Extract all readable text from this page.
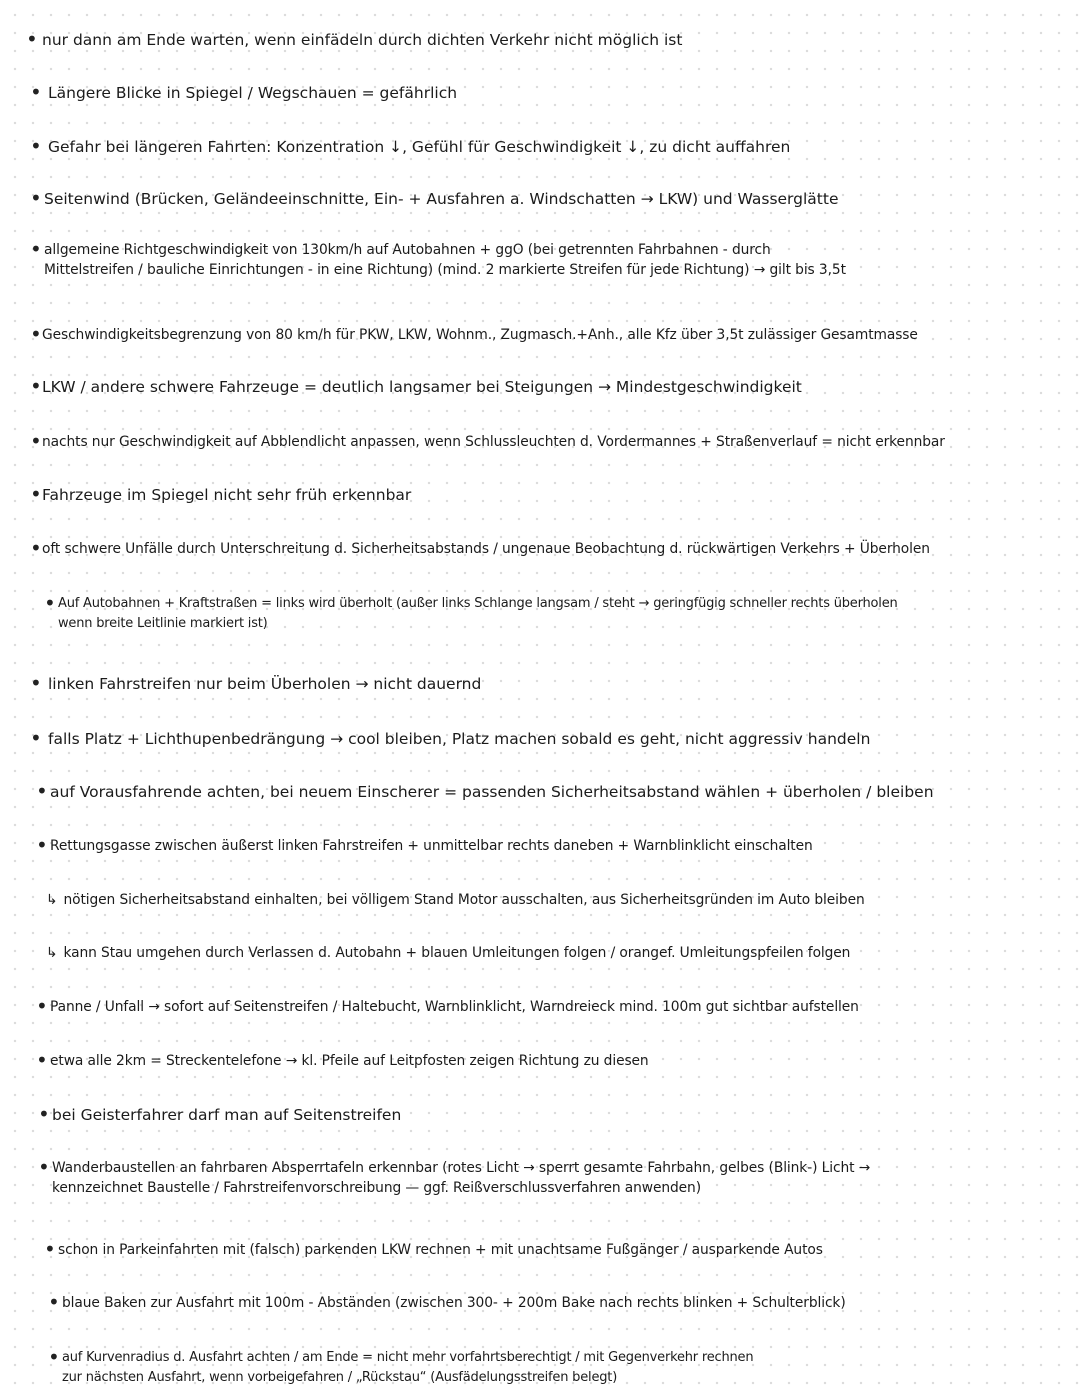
• nur dann am Ende warten, wenn einfädeln durch dichten Verkehr nicht möglich ist
• Längere Blicke in Spiegel / Wegschauen = gefährlich
• Gefahr bei längeren Fahrten: Konzentration ↓, Gefühl für Geschwindigkeit ↓, zu dicht auffahren
• Seitenwind (Brücken, Geländeeinschnitte, Ein- + Ausfahren a. Windschatten → LKW) und Wasserglätte
• allgemeine Richtgeschwindigkeit von 130km/h auf Autobahnen + ggO (bei getrennten Fahrbahnen - durch
Mittelstreifen / bauliche Einrichtungen - in eine Richtung) (mind. 2 markierte Streifen für jede Richtung) → gilt bis 3,5t
• Geschwindigkeitsbegrenzung von 80 km/h für PKW, LKW, Wohnm., Zugmasch.+Anh., alle Kfz über 3,5t zulässiger Gesamtmasse
• LKW / andere schwere Fahrzeuge = deutlich langsamer bei Steigungen → Mindestgeschwindigkeit
• nachts nur Geschwindigkeit auf Abblendlicht anpassen, wenn Schlussleuchten d. Vordermannes + Straßenverlauf = nicht erkennbar
• Fahrzeuge im Spiegel nicht sehr früh erkennbar
• oft schwere Unfälle durch Unterschreitung d. Sicherheitsabstands / ungenaue Beobachtung d. rückwärtigen Verkehrs + Überholen
• Auf Autobahnen + Kraftstraßen = links wird überholt (außer links Schlange langsam / steht → geringfügig schneller rechts überholen
wenn breite Leitlinie markiert ist)
• linken Fahrstreifen nur beim Überholen → nicht dauernd
• falls Platz + Lichthupenbedrängung → cool bleiben, Platz machen sobald es geht, nicht aggressiv handeln
• auf Vorausfahrende achten, bei neuem Einscherer = passenden Sicherheitsabstand wählen + überholen / bleiben
• Rettungsgasse zwischen äußerst linken Fahrstreifen + unmittelbar rechts daneben + Warnblinklicht einschalten
↳ nötigen Sicherheitsabstand einhalten, bei völligem Stand Motor ausschalten, aus Sicherheitsgründen im Auto bleiben
↳ kann Stau umgehen durch Verlassen d. Autobahn + blauen Umleitungen folgen / orangef. Umleitungspfeilen folgen
• Panne / Unfall → sofort auf Seitenstreifen / Haltebucht, Warnblinklicht, Warndreieck mind. 100m gut sichtbar aufstellen
• etwa alle 2km = Streckentelefone → kl. Pfeile auf Leitpfosten zeigen Richtung zu diesen
• bei Geisterfahrer darf man auf Seitenstreifen
• Wanderbaustellen an fahrbaren Absperrtafeln erkennbar (rotes Licht → sperrt gesamte Fahrbahn, gelbes (Blink-) Licht →
kennzeichnet Baustelle / Fahrstreifenvorschreibung — ggf. Reißverschlussverfahren anwenden)
• schon in Parkeinfahrten mit (falsch) parkenden LKW rechnen + mit unachtsame Fußgänger / ausparkende Autos
• blaue Baken zur Ausfahrt mit 100m - Abständen (zwischen 300- + 200m Bake nach rechts blinken + Schulterblick)
• auf Kurvenradius d. Ausfahrt achten / am Ende = nicht mehr vorfahrtsberechtigt / mit Gegenverkehr rechnen
zur nächsten Ausfahrt, wenn vorbeigefahren / „Rückstau“ (Ausfädelungsstreifen belegt)
